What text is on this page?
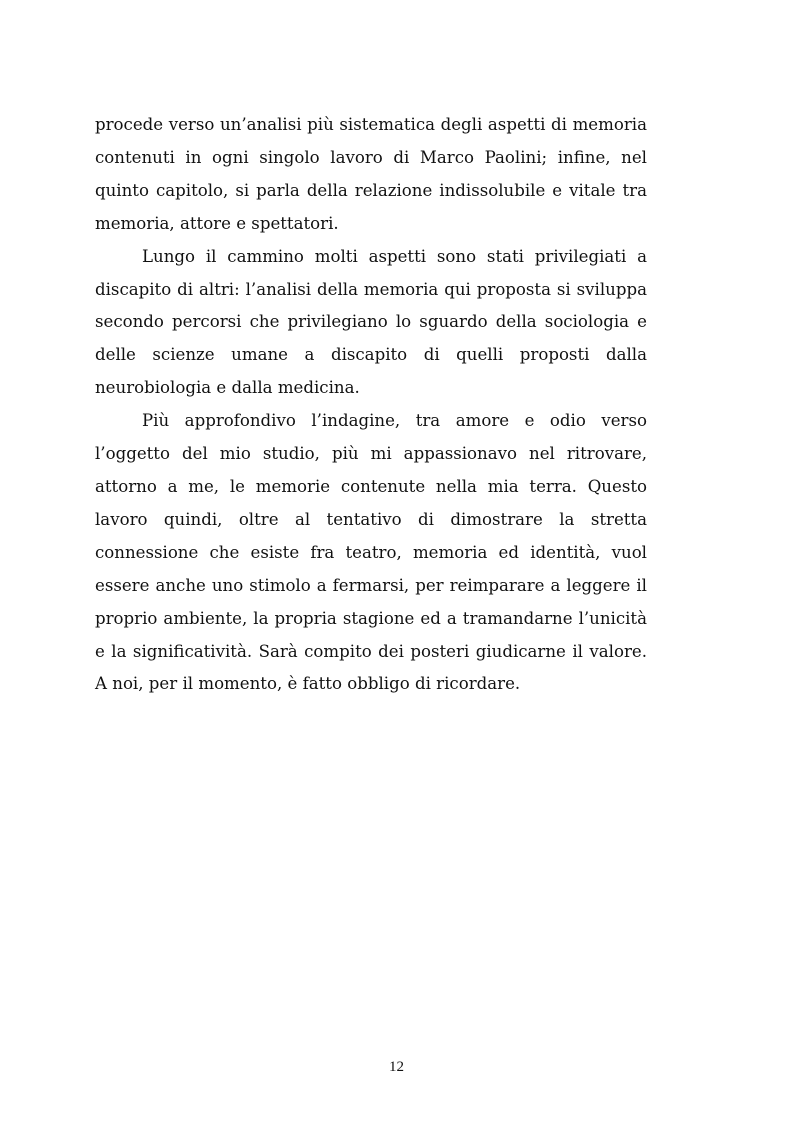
procede verso un’analisi più sistematica degli aspetti di memoria contenuti in ogni singolo lavoro di Marco Paolini; infine, nel quinto capitolo, si parla della relazione indissolubile e vitale tra memoria, attore e spettatori.

Lungo il cammino molti aspetti sono stati privilegiati a discapito di altri: l’analisi della memoria qui proposta si sviluppa secondo percorsi che privilegiano lo sguardo della sociologia e delle scienze umane a discapito di quelli proposti dalla neurobiologia e dalla medicina.

Più approfondivo l’indagine, tra amore e odio verso l’oggetto del mio studio, più mi appassionavo nel ritrovare, attorno a me, le memorie contenute nella mia terra. Questo lavoro quindi, oltre al tentativo di dimostrare la stretta connessione che esiste fra teatro, memoria ed identità, vuol essere anche uno stimolo a fermarsi, per reimparare a leggere il proprio ambiente, la propria stagione ed a tramandarne l’unicità e la significatività. Sarà compito dei posteri giudicarne il valore. A noi, per il momento, è fatto obbligo di ricordare.

12
